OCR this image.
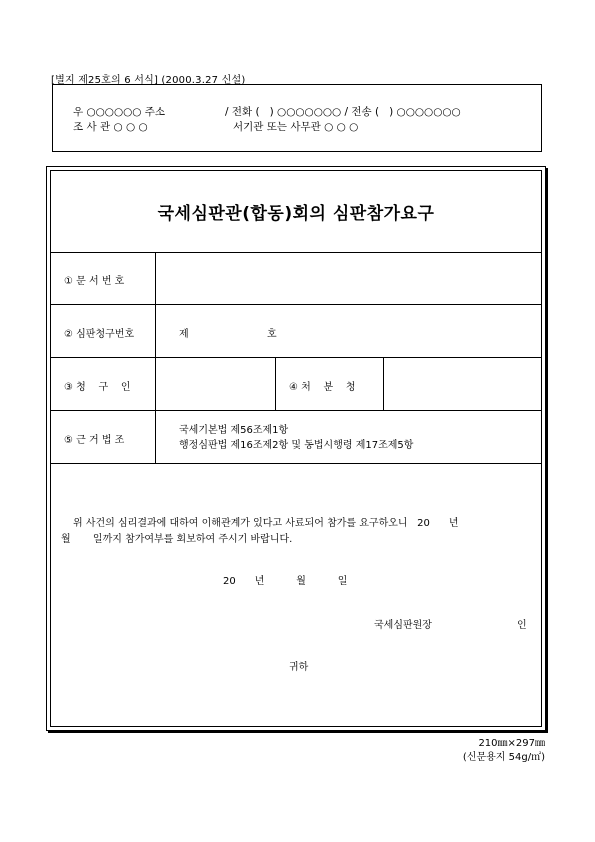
[별지 제25호의 6 서식] (2000.3.27 신설)
우 ○○○○○○ 주소	/ 전화 (   ) ○○○○○○○ / 전송 (   ) ○○○○○○○
조 사 관 ○ ○ ○	서기관 또는 사무관 ○ ○ ○
국세심판관(합동)회의 심판참가요구
① 문 서 번 호
② 심판청구번호	제	호
③ 청    구    인	④ 처    분    청
⑤ 근 거 법 조
국세기본법 제56조제1항
행정심판법 제16조제2항 및 동법시행령 제17조제5항
위 사건의 심리결과에 대하여 이해관계가 있다고 사료되어 참가를 요구하오니   20      년
월       일까지 참가여부를 회보하여 주시기 바랍니다.
20      년          월          일
국세심판원장	인
귀하
210㎜×297㎜
(신문용지 54g/㎡)
